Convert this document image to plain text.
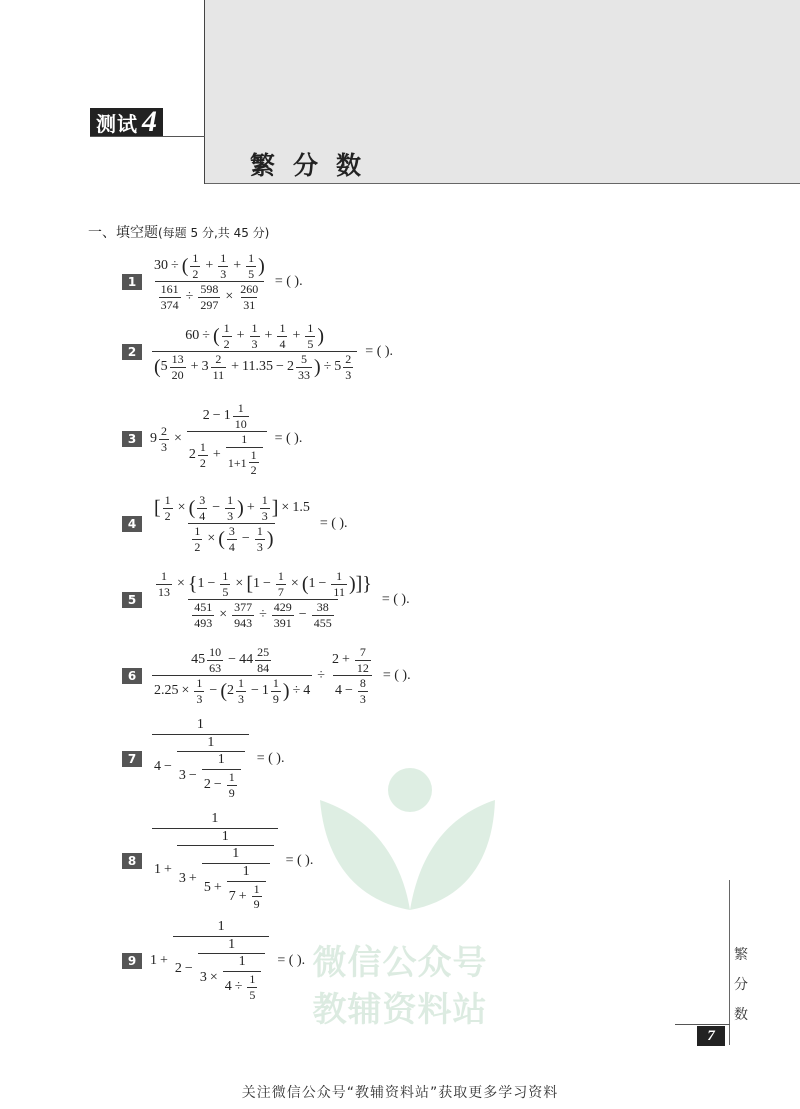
测试 4
繁分数
微信公众号
教辅资料站
一、填空题(每题 5 分,共 45 分)
1	30 ÷ ( 1
2
+ $\frac{1}{3} + \frac{1}{5}$ )
$\frac{161}{374} \div \frac{598}{297} \times \frac{260}{31}$ = ( ).
2	60 ÷ ( 1
2
+ $\frac{1}{3} + \frac{1}{4} + \frac{1}{5}$ )
( 5 13
20
+ $3 \frac{2}{11} + 11.35 - 2 \frac{5}{33}$ ) ÷ $5 \frac{2}{3}$ = ( ).
3 $9 \frac{2}{3} \times 2 - 1 \frac{1}{10}$
2 1
2
+ 1
1+1
1
2 = ( ).
4 [ $\frac{1}{2}$ × ( 3
4
− $\frac{1}{3}$ ) + $\frac{1}{3}$ ] × 1.5
$\frac{1}{2}$ × ( 3
4
− $\frac{1}{3}$ ) = ( ).
5	$\frac{\frac{1}{13} \times \{ 1 - \frac{1}{5} \times [ 1 - \frac{1}{7} \times ( 1 - \frac{1}{11} )]\}}{\frac{451}{493} \times \frac{377}{943} \div \frac{429}{391} - \frac{38}{455}}$ = ( ).
6	45 10
63
− $44 \frac{25}{84}$
$2.25 \times \frac{1}{3}$ − ( 2 1
3
− $1 \frac{1}{9}$ ) ÷ $4 \div \frac{2 + \frac{7}{12}}{4 - \frac{8}{3}}$ = ( ).
7	$\frac{1}{4 - \frac{1}{3 - \frac{1}{2 - \frac{1}{9}}}}$ = ( ).
8
1
$1 + \frac{1}{3 + \frac{1}{5 + \frac{1}{7 + \frac{1}{9}}}}$ = ( ).
9 $1 + \frac{1}{2 - \frac{1}{3 \times \frac{1}{4 \div \frac{1}{5}}}}$ = ( ).	繁分数
7
关注微信公众号“教辅资料站”获取更多学习资料
